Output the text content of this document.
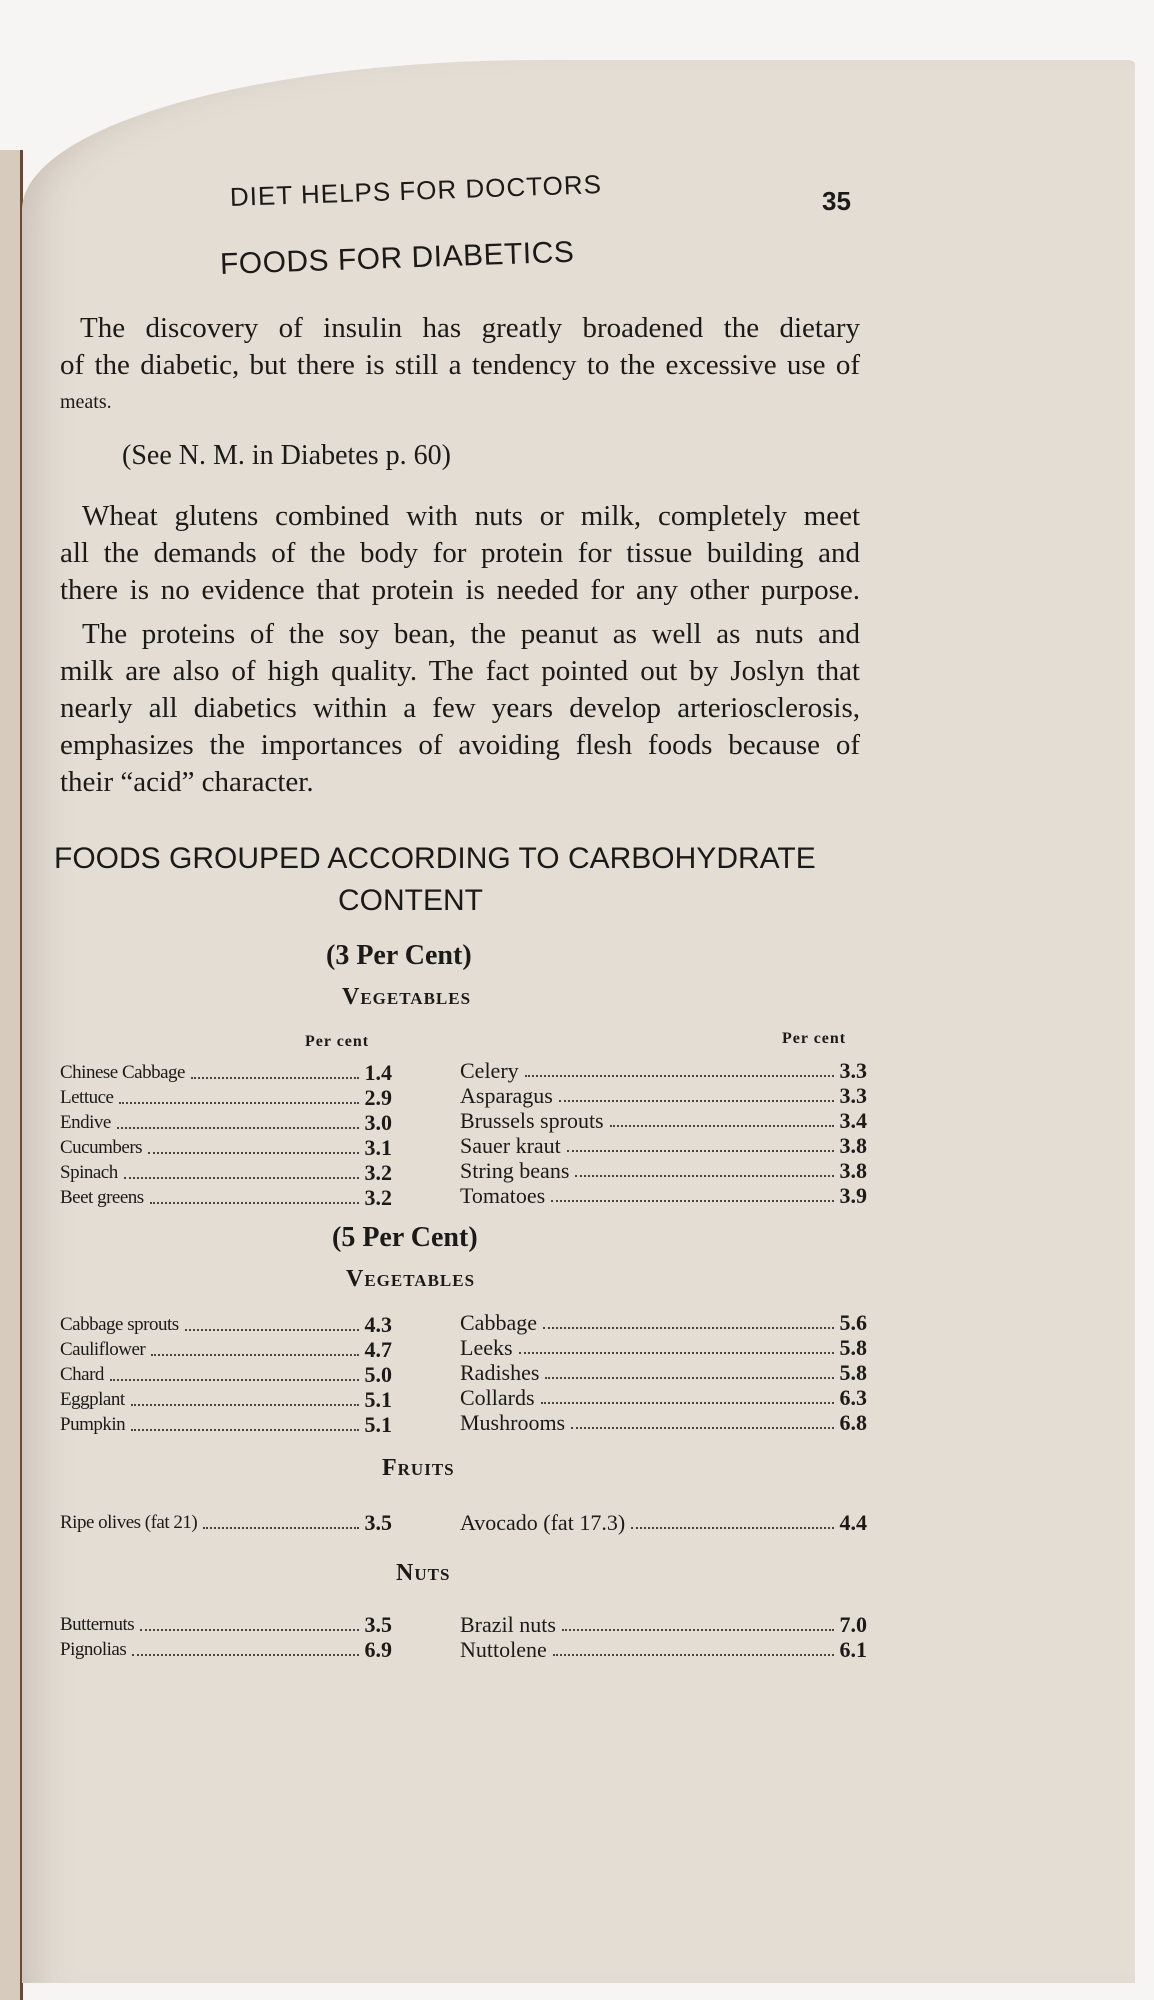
DIET HELPS FOR DOCTORS	35
FOODS FOR DIABETICS
The discovery of insulin has greatly broadened the dietary
of the diabetic, but there is still a tendency to the excessive use of
meats.
(See N. M. in Diabetes p. 60)
Wheat glutens combined with nuts or milk, completely meet
all the demands of the body for protein for tissue building and
there is no evidence that protein is needed for any other purpose.
The proteins of the soy bean, the peanut as well as nuts and
milk are also of high quality. The fact pointed out by Joslyn that
nearly all diabetics within a few years develop arteriosclerosis,
emphasizes the importances of avoiding flesh foods because of
their “acid” character.
FOODS GROUPED ACCORDING TO CARBOHYDRATE
CONTENT
(3 Per Cent)
Vegetables
Per cent	Per cent
Chinese Cabbage	1.4
Lettuce	2.9
Endive	3.0
Cucumbers	3.1
Spinach	3.2
Beet greens	3.2
Celery	3.3
Asparagus	3.3
Brussels sprouts	3.4
Sauer kraut	3.8
String beans	3.8
Tomatoes	3.9
(5 Per Cent)
Vegetables
Cabbage sprouts	4.3
Cauliflower	4.7
Chard	5.0
Eggplant	5.1
Pumpkin	5.1
Cabbage	5.6
Leeks	5.8
Radishes	5.8
Collards	6.3
Mushrooms	6.8
Fruits
Ripe olives (fat 21)	3.5	Avocado (fat 17.3)	4.4
Nuts
Butternuts	3.5
Pignolias	6.9
Brazil nuts	7.0
Nuttolene	6.1
